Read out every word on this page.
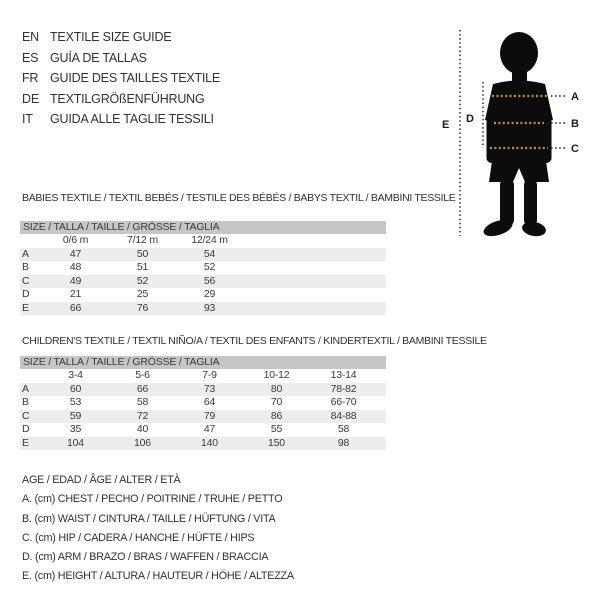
EN TEXTILE SIZE GUIDE
ES GUÍA DE TALLAS
FR GUIDE DES TAILLES TEXTILE
DE TEXTILGRÖßENFÜHRUNG
IT	GUIDA ALLE TAGLIE TESSILI	E D
A
B
C
BABIES TEXTILE / TEXTIL BEBÉS / TESTILE DES BÉBÉS / BABYS TEXTIL / BAMBINI TESSILE
SIZE / TALLA / TAILLE / GRÖSSE / TAGLIA
0/6 m	7/12 m	12/24 m
A	47	50	54
B	48	51	52
C	49	52	56
D	21	25	29
E	66	76	93
CHILDREN'S TEXTILE / TEXTIL NIÑO/A / TEXTIL DES ENFANTS / KINDERTEXTIL / BAMBINI TESSILE
SIZE / TALLA / TAILLE / GRÖSSE / TAGLIA
3-4	5-6	7-9	10-12	13-14
A	60	66	73	80	78-82
B	53	58	64	70	66-70
C	59	72	79	86	84-88
D	35	40	47	55	58
E	104	106	140	150	98
AGE / EDAD / ÂGE / ALTER / ETÀ
A. (cm) CHEST / PECHO / POITRINE / TRUHE / PETTO
B. (cm) WAIST / CINTURA / TAILLE / HÜFTUNG / VITA
C. (cm) HIP / CADERA / HANCHE / HÜFTE / HIPS
D. (cm) ARM / BRAZO / BRAS / WAFFEN / BRACCIA
E. (cm) HEIGHT / ALTURA / HAUTEUR / HÖHE / ALTEZZA
